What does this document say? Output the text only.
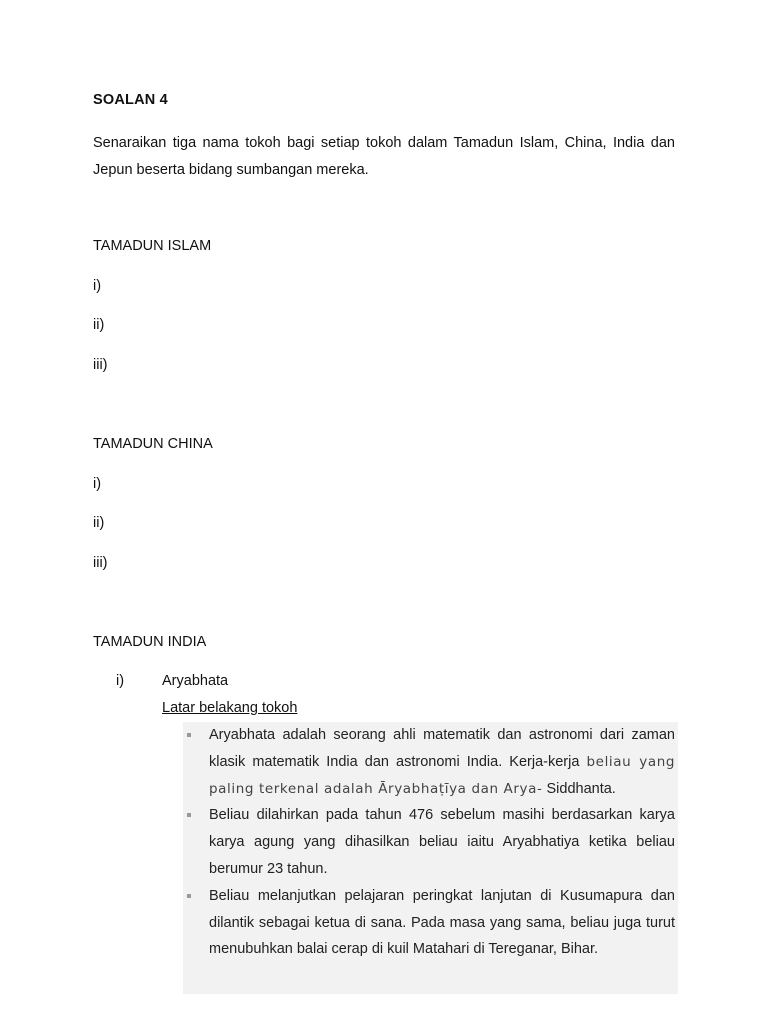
SOALAN 4
Senaraikan tiga nama tokoh bagi setiap tokoh dalam Tamadun Islam, China, India dan Jepun beserta bidang sumbangan mereka.
TAMADUN ISLAM
i)
ii)
iii)
TAMADUN CHINA
i)
ii)
iii)
TAMADUN INDIA
i)	Aryabhata
Latar belakang tokoh
Aryabhata adalah seorang ahli matematik dan astronomi dari zaman klasik matematik India dan astronomi India. Kerja-kerja beliau yang paling terkenal adalah Āryabhaṭīya dan Arya- Siddhanta.
Beliau dilahirkan pada tahun 476 sebelum masihi berdasarkan karya karya agung yang dihasilkan beliau iaitu Aryabhatiya ketika beliau berumur 23 tahun.
Beliau melanjutkan pelajaran peringkat lanjutan di Kusumapura dan dilantik sebagai ketua di sana. Pada masa yang sama, beliau juga turut menubuhkan balai cerap di kuil Matahari di Tereganar, Bihar.
